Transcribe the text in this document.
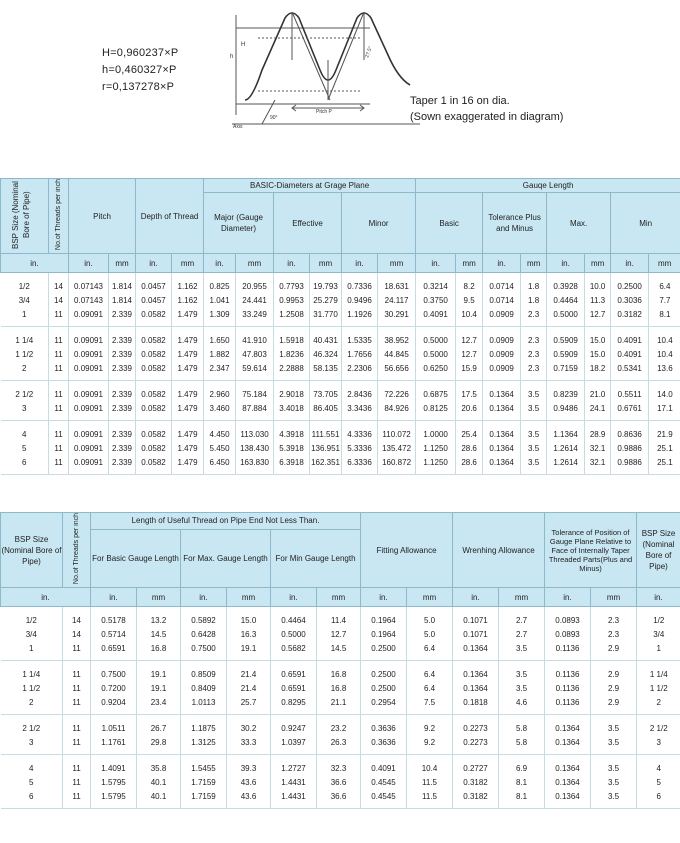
H=0,960237×P
h=0,460327×P
r=0,137278×P
Axis
90°
Pitch P
H
h	27.5°
Taper 1 in 16 on dia.
(Sown exaggerated in diagram)
BSP Size (Nominal Bore of Pipe)	No.of Threads per inch	Pitch		Depth of Thread		BASIC-Diameters at Grage Plane						Gauqe Length							
						Major (Gauge Diameter)		Effective		Minor		Basic		Tolerance Plus and Minus		Max.		Min	
in.		in.	mm	in.	mm	in.	mm	in.	mm	in.	mm	in.	mm	in.	mm	in.	mm	in.	mm
1/2	14	0.07143	1.814	0.0457	1.162	0.825	20.955	0.7793	19.793	0.7336	18.631	0.3214	8.2	0.0714	1.8	0.3928	10.0	0.2500	6.4
3/4	14	0.07143	1.814	0.0457	1.162	1.041	24.441	0.9953	25.279	0.9496	24.117	0.3750	9.5	0.0714	1.8	0.4464	11.3	0.3036	7.7
1	11	0.09091	2.339	0.0582	1.479	1.309	33.249	1.2508	31.770	1.1926	30.291	0.4091	10.4	0.0909	2.3	0.5000	12.7	0.3182	8.1
1 1/4	11	0.09091	2.339	0.0582	1.479	1.650	41.910	1.5918	40.431	1.5335	38.952	0.5000	12.7	0.0909	2.3	0.5909	15.0	0.4091	10.4
1 1/2	11	0.09091	2.339	0.0582	1.479	1.882	47.803	1.8236	46.324	1.7656	44.845	0.5000	12.7	0.0909	2.3	0.5909	15.0	0.4091	10.4
2	11	0.09091	2.339	0.0582	1.479	2.347	59.614	2.2888	58.135	2.2306	56.656	0.6250	15.9	0.0909	2.3	0.7159	18.2	0.5341	13.6
2 1/2	11	0.09091	2.339	0.0582	1.479	2.960	75.184	2.9018	73.705	2.8436	72.226	0.6875	17.5	0.1364	3.5	0.8239	21.0	0.5511	14.0
3	11	0.09091	2.339	0.0582	1.479	3.460	87.884	3.4018	86.405	3.3436	84.926	0.8125	20.6	0.1364	3.5	0.9486	24.1	0.6761	17.1
4	11	0.09091	2.339	0.0582	1.479	4.450	113.030	4.3918	111.551	4.3336	110.072	1.0000	25.4	0.1364	3.5	1.1364	28.9	0.8636	21.9
5	11	0.09091	2.339	0.0582	1.479	5.450	138.430	5.3918	136.951	5.3336	135.472	1.1250	28.6	0.1364	3.5	1.2614	32.1	0.9886	25.1
6	11	0.09091	2.339	0.0582	1.479	6.450	163.830	6.3918	162.351	6.3336	160.872	1.1250	28.6	0.1364	3.5	1.2614	32.1	0.9886	25.1
BSP Size (Nominal Bore of Pipe)	No.of Threads per inch	Length of Useful Thread on Pipe End Not Less Than.						Fitting Allowance		Wrenhing Allowance		Tolerance of Position of Gauge Plane Relative to Face of Internally Taper Threaded Parts(Plus and Minus)		BSP Size (Nominal Bore of Pipe)
		For Basic Gauge Length		For Max. Gauge Length		For Min Gauge Length								
in.		in.	mm	in.	mm	in.	mm	in.	mm	in.	mm	in.	mm	in.
1/2	14	0.5178	13.2	0.5892	15.0	0.4464	11.4	0.1964	5.0	0.1071	2.7	0.0893	2.3	1/2
3/4	14	0.5714	14.5	0.6428	16.3	0.5000	12.7	0.1964	5.0	0.1071	2.7	0.0893	2.3	3/4
1	11	0.6591	16.8	0.7500	19.1	0.5682	14.5	0.2500	6.4	0.1364	3.5	0.1136	2.9	1
1 1/4	11	0.7500	19.1	0.8509	21.4	0.6591	16.8	0.2500	6.4	0.1364	3.5	0.1136	2.9	1 1/4
1 1/2	11	0.7200	19.1	0.8409	21.4	0.6591	16.8	0.2500	6.4	0.1364	3.5	0.1136	2.9	1 1/2
2	11	0.9204	23.4	1.0113	25.7	0.8295	21.1	0.2954	7.5	0.1818	4.6	0.1136	2.9	2
2 1/2	11	1.0511	26.7	1.1875	30.2	0.9247	23.2	0.3636	9.2	0.2273	5.8	0.1364	3.5	2 1/2
3	11	1.1761	29.8	1.3125	33.3	1.0397	26.3	0.3636	9.2	0.2273	5.8	0.1364	3.5	3
4	11	1.4091	35.8	1.5455	39.3	1.2727	32.3	0.4091	10.4	0.2727	6.9	0.1364	3.5	4
5	11	1.5795	40.1	1.7159	43.6	1.4431	36.6	0.4545	11.5	0.3182	8.1	0.1364	3.5	5
6	11	1.5795	40.1	1.7159	43.6	1.4431	36.6	0.4545	11.5	0.3182	8.1	0.1364	3.5	6
